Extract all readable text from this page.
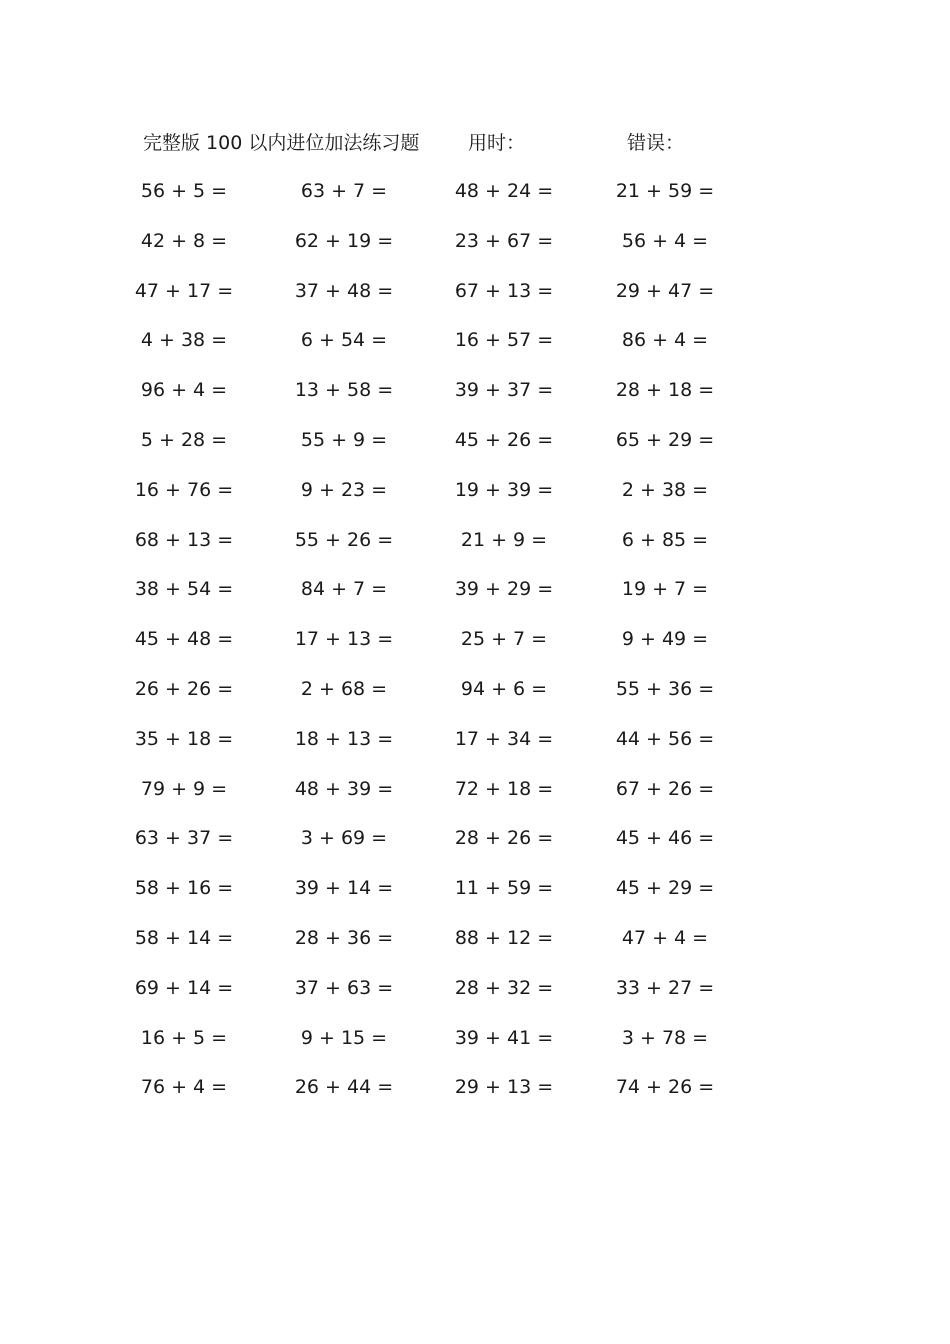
完整版 100 以内进位加法练习题	用时：	错误：
56 + 5 =	63 + 7 =	48 + 24 =	21 + 59 =
42 + 8 =	62 + 19 =	23 + 67 =	56 + 4 =
47 + 17 =	37 + 48 =	67 + 13 =	29 + 47 =
4 + 38 =	6 + 54 =	16 + 57 =	86 + 4 =
96 + 4 =	13 + 58 =	39 + 37 =	28 + 18 =
5 + 28 =	55 + 9 =	45 + 26 =	65 + 29 =
16 + 76 =	9 + 23 =	19 + 39 =	2 + 38 =
68 + 13 =	55 + 26 =	21 + 9 =	6 + 85 =
38 + 54 =	84 + 7 =	39 + 29 =	19 + 7 =
45 + 48 =	17 + 13 =	25 + 7 =	9 + 49 =
26 + 26 =	2 + 68 =	94 + 6 =	55 + 36 =
35 + 18 =	18 + 13 =	17 + 34 =	44 + 56 =
79 + 9 =	48 + 39 =	72 + 18 =	67 + 26 =
63 + 37 =	3 + 69 =	28 + 26 =	45 + 46 =
58 + 16 =	39 + 14 =	11 + 59 =	45 + 29 =
58 + 14 =	28 + 36 =	88 + 12 =	47 + 4 =
69 + 14 =	37 + 63 =	28 + 32 =	33 + 27 =
16 + 5 =	9 + 15 =	39 + 41 =	3 + 78 =
76 + 4 =	26 + 44 =	29 + 13 =	74 + 26 =
